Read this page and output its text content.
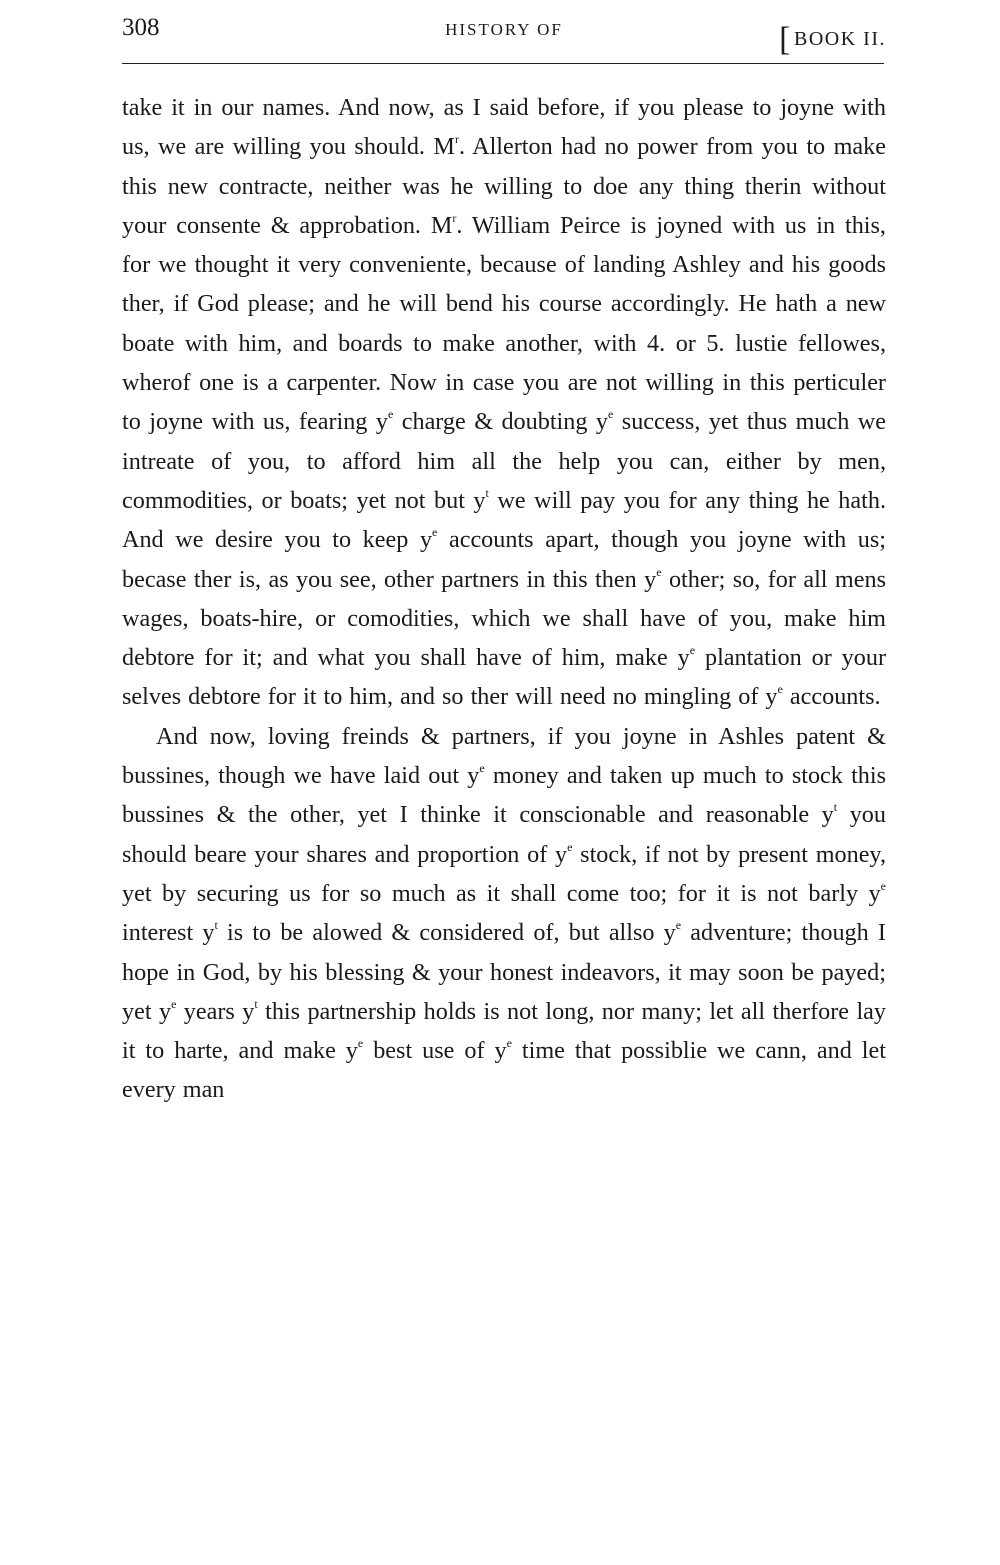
308	HISTORY OF	[ BOOK II.

take it in our names. And now, as I said before, if you please to joyne with us, we are willing you should. $M^r$. Allerton had no power from you to make this new contracte, neither was he willing to doe any thing therin without your consente & approbation. $M^r$. William Peirce is joyned with us in this, for we thought it very conveniente, because of landing Ashley and his goods ther, if God please; and he will bend his course accordingly. He hath a new boate with him, and boards to make another, with 4. or 5. lustie fellowes, wherof one is a carpenter. Now in case you are not willing in this perticuler to joyne with us, fearing $y^e$ charge & doubting $y^e$ success, yet thus much we intreate of you, to afford him all the help you can, either by men, commodities, or boats; yet not but $y^t$ we will pay you for any thing he hath. And we desire you to keep $y^e$ accounts apart, though you joyne with us; becase ther is, as you see, other partners in this then $y^e$ other; so, for all mens wages, boats-hire, or comodities, which we shall have of you, make him debtore for it; and what you shall have of him, make $y^e$ plantation or your selves debtore for it to him, and so ther will need no mingling of $y^e$ accounts.

And now, loving freinds & partners, if you joyne in Ashles patent & bussines, though we have laid out $y^e$ money and taken up much to stock this bussines & the other, yet I thinke it conscionable and reasonable $y^t$ you should beare your shares and proportion of $y^e$ stock, if not by present money, yet by securing us for so much as it shall come too; for it is not barly $y^e$ interest $y^t$ is to be alowed & considered of, but allso $y^e$ adventure; though I hope in God, by his blessing & your honest indeavors, it may soon be payed; yet $y^e$ years $y^t$ this partnership holds is not long, nor many; let all therfore lay it to harte, and make $y^e$ best use of $y^e$ time that possiblie we cann, and let every man
